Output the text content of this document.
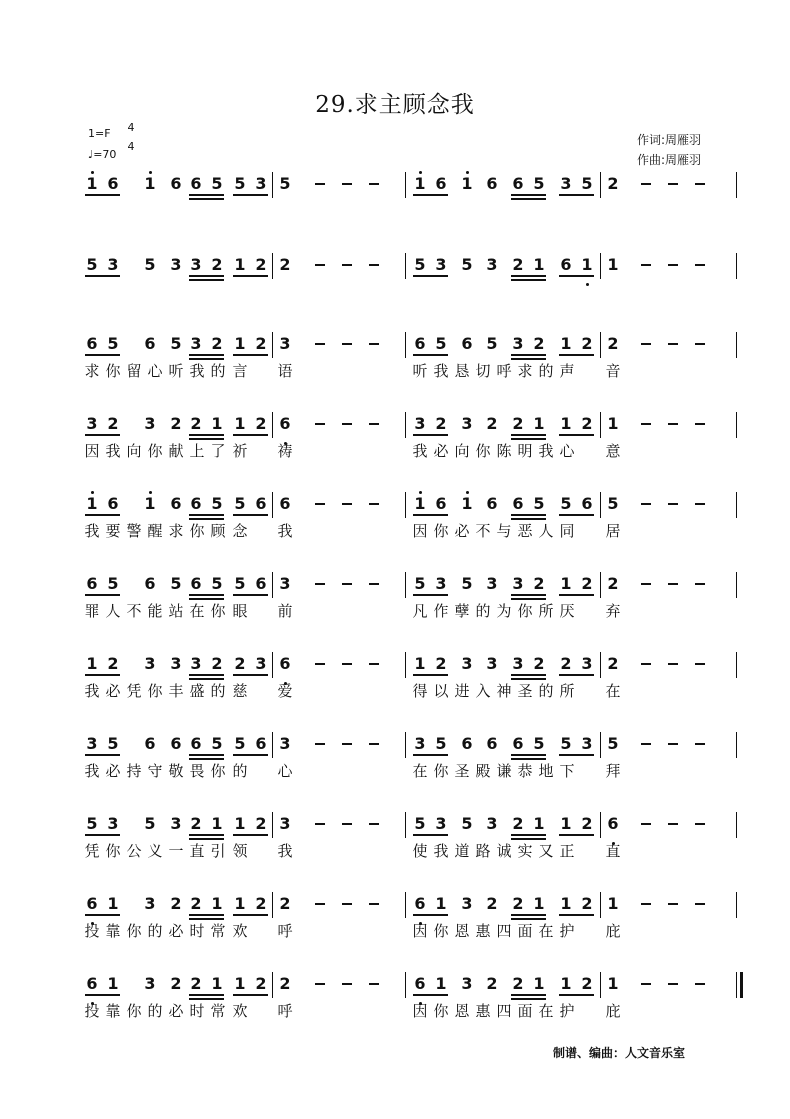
29.求主顾念我
1=F 4
4
♩=70
作词:周雁羽
作曲:周雁羽
1 6 1 6 6 5 5 3 5	1 6 1 6 6 5 3 5 2
5 3 5 3 3 2 1 2 2	5 3 5 3 2 1 6 1 1
6 5 6 5 3 2 1 2 3	6 5 6 5 3 2 1 2 2
求 你 留 心 听 我 的 言 语	听 我 恳 切 呼 求 的 声 音
3 2 3 2 2 1 1 2 6	3 2 3 2 2 1 1 2 1
因 我 向 你 献 上 了 祈 祷	我 必 向 你 陈 明 我 心 意
1 6 1 6 6 5 5 6 6	1 6 1 6 6 5 5 6 5
我 要 警 醒 求 你 顾 念 我	因 你 必 不 与 恶 人 同 居
6 5 6 5 6 5 5 6 3	5 3 5 3 3 2 1 2 2
罪 人 不 能 站 在 你 眼 前	凡 作 孽 的 为 你 所 厌 弃
1 2 3 3 3 2 2 3 6	1 2 3 3 3 2 2 3 2
我 必 凭 你 丰 盛 的 慈 爱	得 以 进 入 神 圣 的 所 在
3 5 6 6 6 5 5 6 3	3 5 6 6 6 5 5 3 5
我 必 持 守 敬 畏 你 的 心	在 你 圣 殿 谦 恭 地 下 拜
5 3 5 3 2 1 1 2 3	5 3 5 3 2 1 1 2 6
凭 你 公 义 一 直 引 领 我	使 我 道 路 诚 实 又 正 直
6 1 3 2 2 1 1 2 2	6 1 3 2 2 1 1 2 1
投 靠 你 的 必 时 常 欢 呼	因 你 恩 惠 四 面 在 护 庇
6 1 3 2 2 1 1 2 2	6 1 3 2 2 1 1 2 1
投 靠 你 的 必 时 常 欢 呼	因 你 恩 惠 四 面 在 护 庇
制谱、编曲：人文音乐室
